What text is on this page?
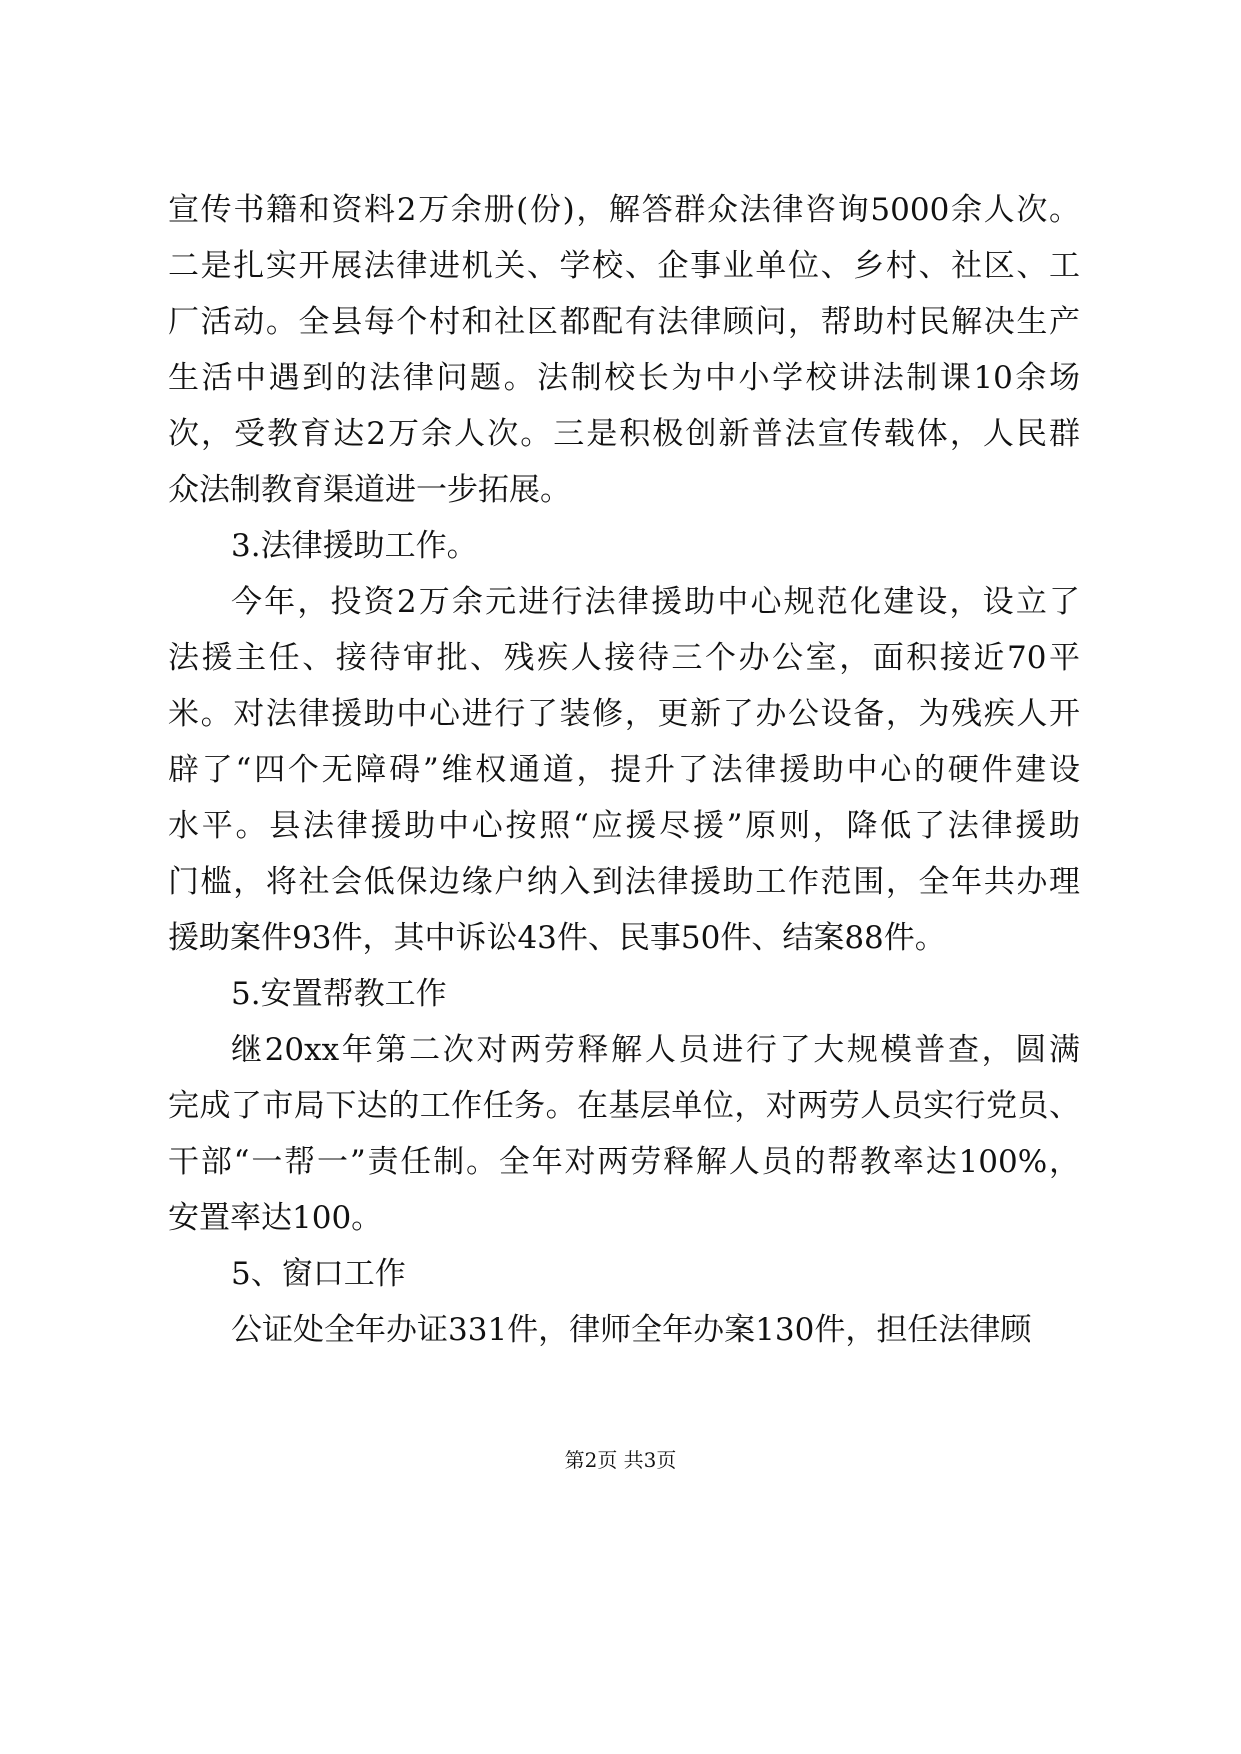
宣传书籍和资料2万余册(份)，解答群众法律咨询5000余人次。
二是扎实开展法律进机关、学校、企事业单位、乡村、社区、工
厂活动。全县每个村和社区都配有法律顾问，帮助村民解决生产
生活中遇到的法律问题。法制校长为中小学校讲法制课10余场
次，受教育达2万余人次。三是积极创新普法宣传载体，人民群
众法制教育渠道进一步拓展。
3.法律援助工作。
今年，投资2万余元进行法律援助中心规范化建设，设立了
法援主任、接待审批、残疾人接待三个办公室，面积接近70平
米。对法律援助中心进行了装修，更新了办公设备，为残疾人开
辟了“四个无障碍”维权通道，提升了法律援助中心的硬件建设
水平。县法律援助中心按照“应援尽援”原则，降低了法律援助
门槛，将社会低保边缘户纳入到法律援助工作范围，全年共办理
援助案件93件，其中诉讼43件、民事50件、结案88件。
5.安置帮教工作
继20xx年第二次对两劳释解人员进行了大规模普查，圆满
完成了市局下达的工作任务。在基层单位，对两劳人员实行党员、
干部“一帮一”责任制。全年对两劳释解人员的帮教率达100%，
安置率达100。
5、窗口工作
公证处全年办证331件，律师全年办案130件，担任法律顾
第2页 共3页
